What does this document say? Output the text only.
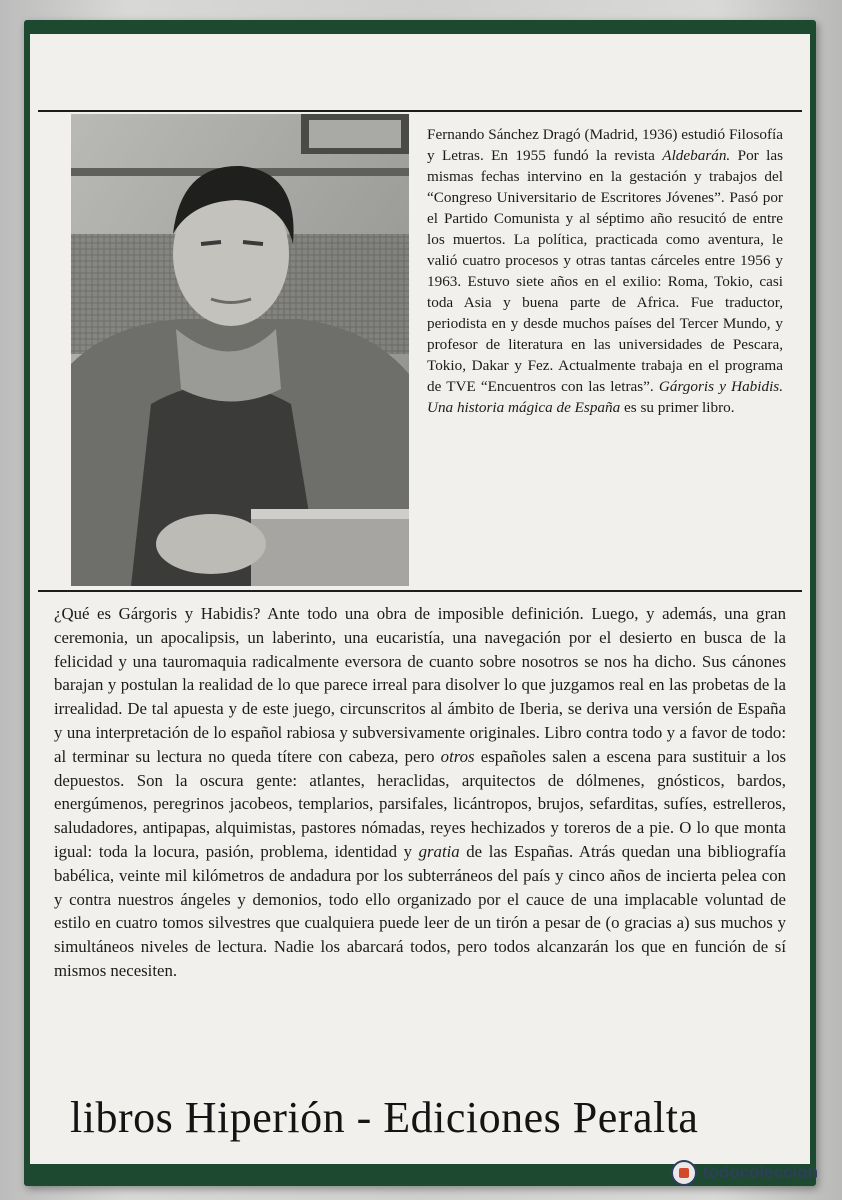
Fernando Sánchez Dragó (Madrid, 1936) estudió Filosofía y Letras. En 1955 fundó la revista Aldebarán. Por las mismas fechas intervino en la gestación y trabajos del “Congreso Universitario de Escritores Jóvenes”. Pasó por el Partido Comunista y al séptimo año resucitó de entre los muertos. La política, practicada como aventura, le valió cuatro procesos y otras tantas cárceles entre 1956 y 1963. Estuvo siete años en el exilio: Roma, Tokio, casi toda Asia y buena parte de Africa. Fue traductor, periodista en y desde muchos países del Tercer Mundo, y profesor de literatura en las universidades de Pescara, Tokio, Dakar y Fez. Actualmente trabaja en el programa de TVE “Encuentros con las letras”. Gárgoris y Habidis. Una historia mágica de España es su primer libro.
¿Qué es Gárgoris y Habidis? Ante todo una obra de imposible definición. Luego, y además, una gran ceremonia, un apocalipsis, un laberinto, una eucaristía, una navegación por el desierto en busca de la felicidad y una tauromaquia radicalmente eversora de cuanto sobre nosotros se nos ha dicho. Sus cánones barajan y postulan la realidad de lo que parece irreal para disolver lo que juzgamos real en las probetas de la irrealidad. De tal apuesta y de este juego, circunscritos al ámbito de Iberia, se deriva una versión de España y una interpretación de lo español rabiosa y subversivamente originales. Libro contra todo y a favor de todo: al terminar su lectura no queda títere con cabeza, pero otros españoles salen a escena para sustituir a los depuestos. Son la oscura gente: atlantes, heraclidas, arquitectos de dólmenes, gnósticos, bardos, energúmenos, peregrinos jacobeos, templarios, parsifales, licántropos, brujos, sefarditas, sufíes, estrelleros, saludadores, antipapas, alquimistas, pastores nómadas, reyes hechizados y toreros de a pie. O lo que monta igual: toda la locura, pasión, problema, identidad y gratia de las Españas. Atrás quedan una bibliografía babélica, veinte mil kilómetros de andadura por los subterráneos del país y cinco años de incierta pelea con y contra nuestros ángeles y demonios, todo ello organizado por el cauce de una implacable voluntad de estilo en cuatro tomos silvestres que cualquiera puede leer de un tirón a pesar de (o gracias a) sus muchos y simultáneos niveles de lectura. Nadie los abarcará todos, pero todos alcanzarán los que en función de sí mismos necesiten.
libros Hiperión - Ediciones Peralta
todocoleccion
